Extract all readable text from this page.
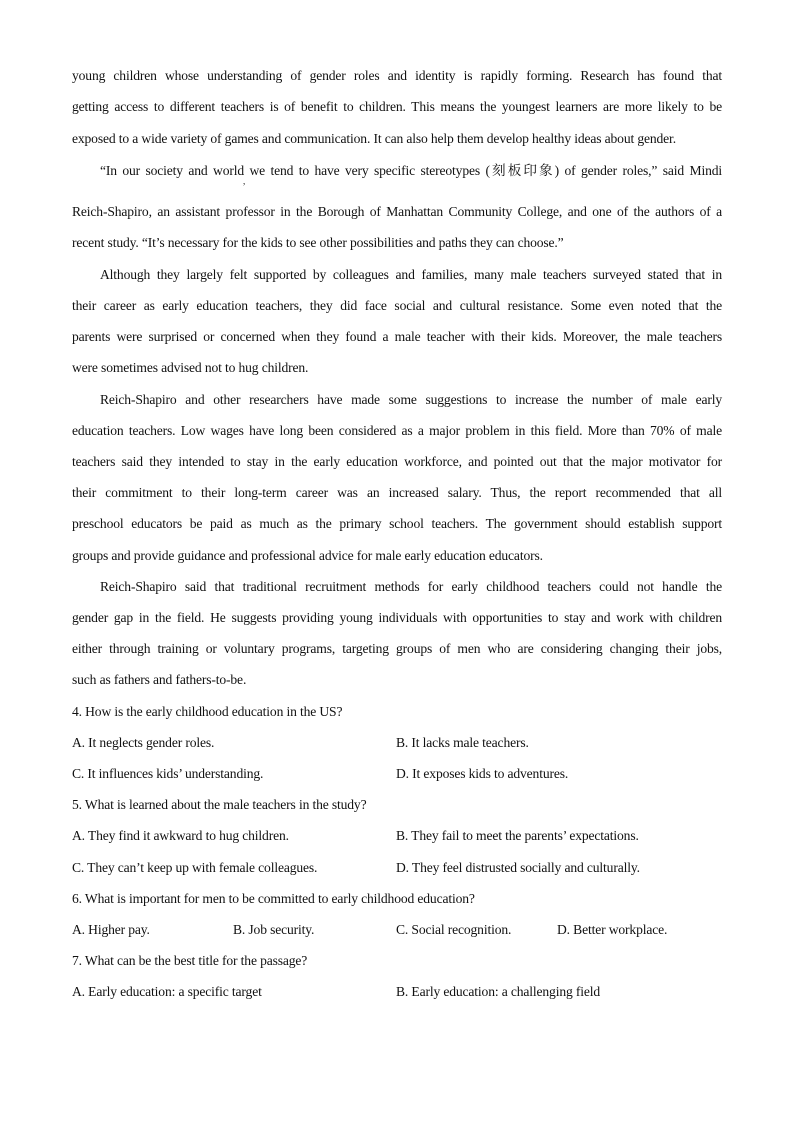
young children whose understanding of gender roles and identity is rapidly forming. Research has found that
getting access to different teachers is of benefit to children. This means the youngest learners are more likely to be
exposed to a wide variety of games and communication. It can also help them develop healthy ideas about gender.
“In our society and world we tend to have very specific stereotypes (刻板印象) of gender roles,” said Mindi
,
Reich-Shapiro, an assistant professor in the Borough of Manhattan Community College, and one of the authors of a
recent study. “It’s necessary for the kids to see other possibilities and paths they can choose.”
Although they largely felt supported by colleagues and families, many male teachers surveyed stated that in
their career as early education teachers, they did face social and cultural resistance. Some even noted that the
parents were surprised or concerned when they found a male teacher with their kids. Moreover, the male teachers
were sometimes advised not to hug children.
Reich-Shapiro and other researchers have made some suggestions to increase the number of male early
education teachers. Low wages have long been considered as a major problem in this field. More than 70% of male
teachers said they intended to stay in the early education workforce, and pointed out that the major motivator for
their commitment to their long-term career was an increased salary. Thus, the report recommended that all
preschool educators be paid as much as the primary school teachers. The government should establish support
groups and provide guidance and professional advice for male early education educators.
Reich-Shapiro said that traditional recruitment methods for early childhood teachers could not handle the
gender gap in the field. He suggests providing young individuals with opportunities to stay and work with children
either through training or voluntary programs, targeting groups of men who are considering changing their jobs,
such as fathers and fathers-to-be.
4. How is the early childhood education in the US?
A. It neglects gender roles.	B. It lacks male teachers.
C. It influences kids’ understanding.	D. It exposes kids to adventures.
5. What is learned about the male teachers in the study?
A. They find it awkward to hug children.	B. They fail to meet the parents’ expectations.
C. They can’t keep up with female colleagues.	D. They feel distrusted socially and culturally.
6. What is important for men to be committed to early childhood education?
A. Higher pay.	B. Job security.	C. Social recognition.	D. Better workplace.
7. What can be the best title for the passage?
A. Early education: a specific target	B. Early education: a challenging field
